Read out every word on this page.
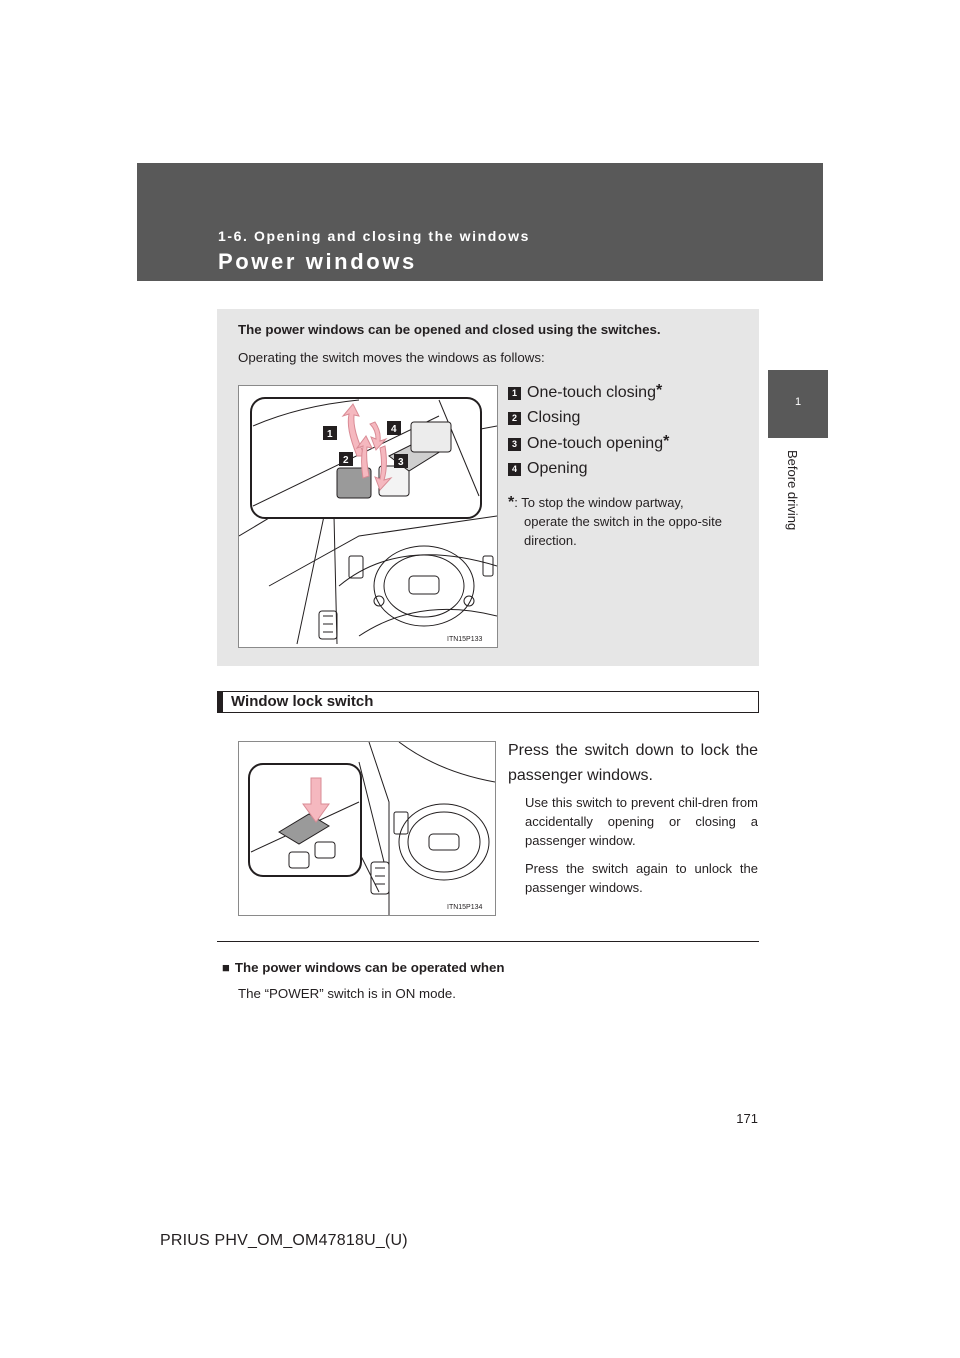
1-6. Opening and closing the windows
Power windows
1
Before driving
The power windows can be opened and closed using the switches.
Operating the switch moves the windows as follows:
1
2	3
4
ITN15P133
1 One-touch closing*
2 Closing
3 One-touch opening*
4 Opening
*: To stop the window partway,
operate the switch in the oppo-site direction.
Window lock switch
ITN15P134
Press the switch down to lock the passenger windows.
Use this switch to prevent chil-dren from accidentally opening or closing a passenger window.
Press the switch again to unlock the passenger windows.
■ The power windows can be operated when
The “POWER” switch is in ON mode.
171
PRIUS PHV_OM_OM47818U_(U)
